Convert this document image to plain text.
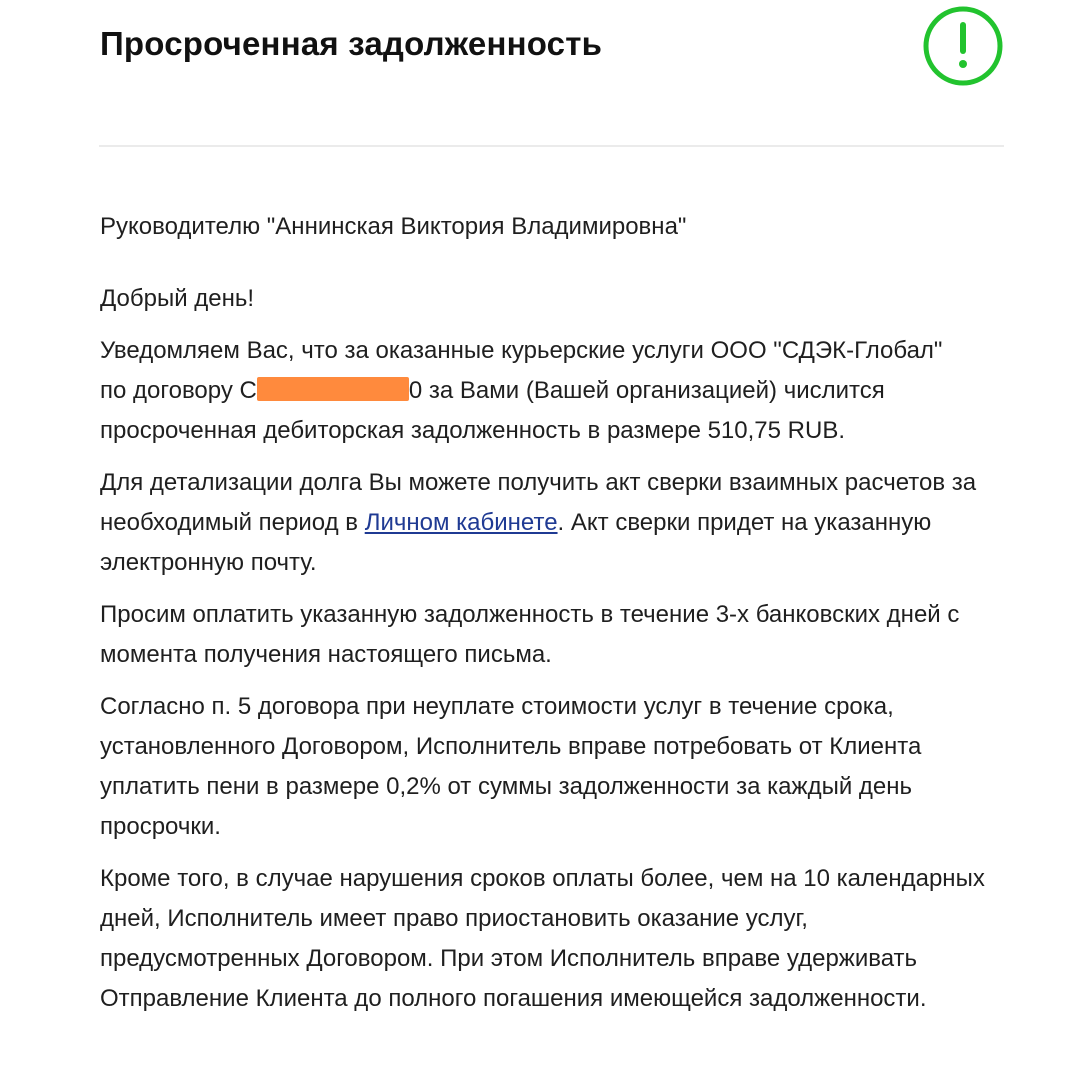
Просроченная задолженность

Руководителю "Аннинская Виктория Владимировна"

Добрый день!

Уведомляем Вас, что за оказанные курьерские услуги ООО "СДЭК-Глобал"
по договору С	0 за Вами (Вашей организацией) числится
просроченная дебиторская задолженность в размере 510,75 RUB.

Для детализации долга Вы можете получить акт сверки взаимных расчетов за необходимый период в Личном кабинете. Акт сверки придет на указанную электронную почту.

Просим оплатить указанную задолженность в течение 3-х банковских дней с момента получения настоящего письма.

Согласно п. 5 договора при неуплате стоимости услуг в течение срока, установленного Договором, Исполнитель вправе потребовать от Клиента уплатить пени в размере 0,2% от суммы задолженности за каждый день просрочки.

Кроме того, в случае нарушения сроков оплаты более, чем на 10 календарных дней, Исполнитель имеет право приостановить оказание услуг, предусмотренных Договором. При этом Исполнитель вправе удерживать Отправление Клиента до полного погашения имеющейся задолженности.
